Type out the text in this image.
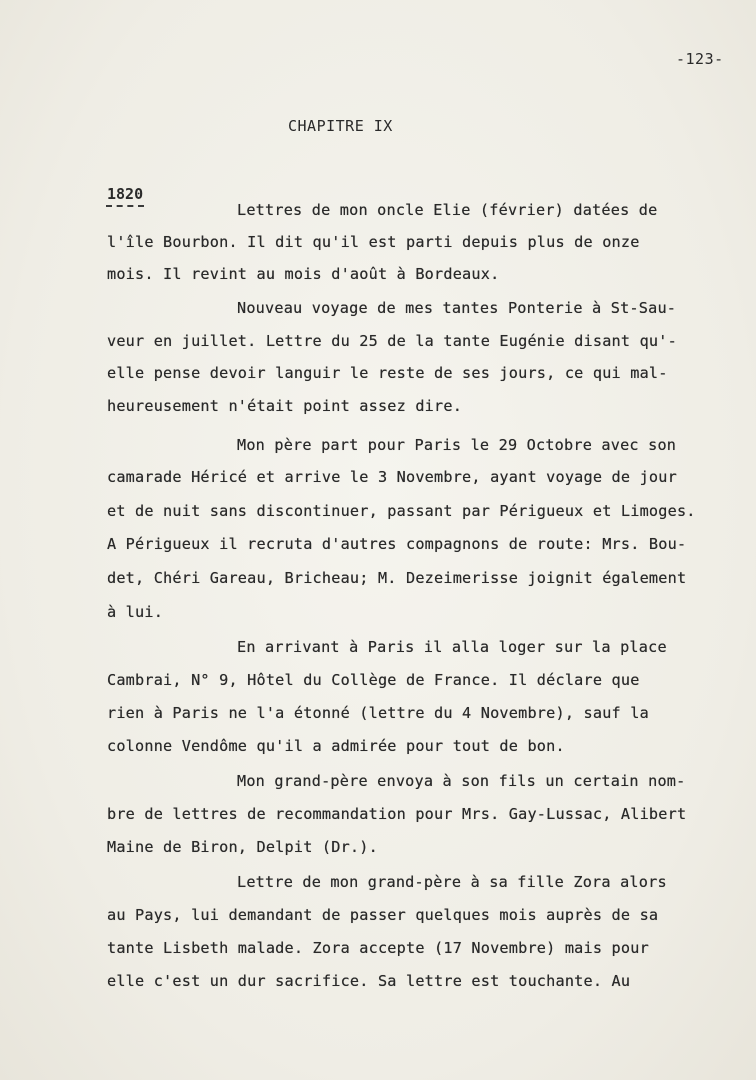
-123-
CHAPITRE IX
1820
Lettres de mon oncle Elie (février) datées de
l'île Bourbon. Il dit qu'il est parti depuis plus de onze
mois. Il revint au mois d'août à Bordeaux.
Nouveau voyage de mes tantes Ponterie à St-Sau-
veur en juillet. Lettre du 25 de la tante Eugénie disant qu'-
elle pense devoir languir le reste de ses jours, ce qui mal-
heureusement n'était point assez dire.
Mon père part pour Paris le 29 Octobre avec son
camarade Héricé et arrive le 3 Novembre, ayant voyage de jour
et de nuit sans discontinuer, passant par Périgueux et Limoges.
A Périgueux il recruta d'autres compagnons de route: Mrs. Bou-
det, Chéri Gareau, Bricheau; M. Dezeimerisse joignit également
à lui.
En arrivant à Paris il alla loger sur la place
Cambrai, N° 9, Hôtel du Collège de France. Il déclare que
rien à Paris ne l'a étonné (lettre du 4 Novembre), sauf la
colonne Vendôme qu'il a admirée pour tout de bon.
Mon grand-père envoya à son fils un certain nom-
bre de lettres de recommandation pour Mrs. Gay-Lussac, Alibert
Maine de Biron, Delpit (Dr.).
Lettre de mon grand-père à sa fille Zora alors
au Pays, lui demandant de passer quelques mois auprès de sa
tante Lisbeth malade. Zora accepte (17 Novembre) mais pour
elle c'est un dur sacrifice. Sa lettre est touchante. Au
